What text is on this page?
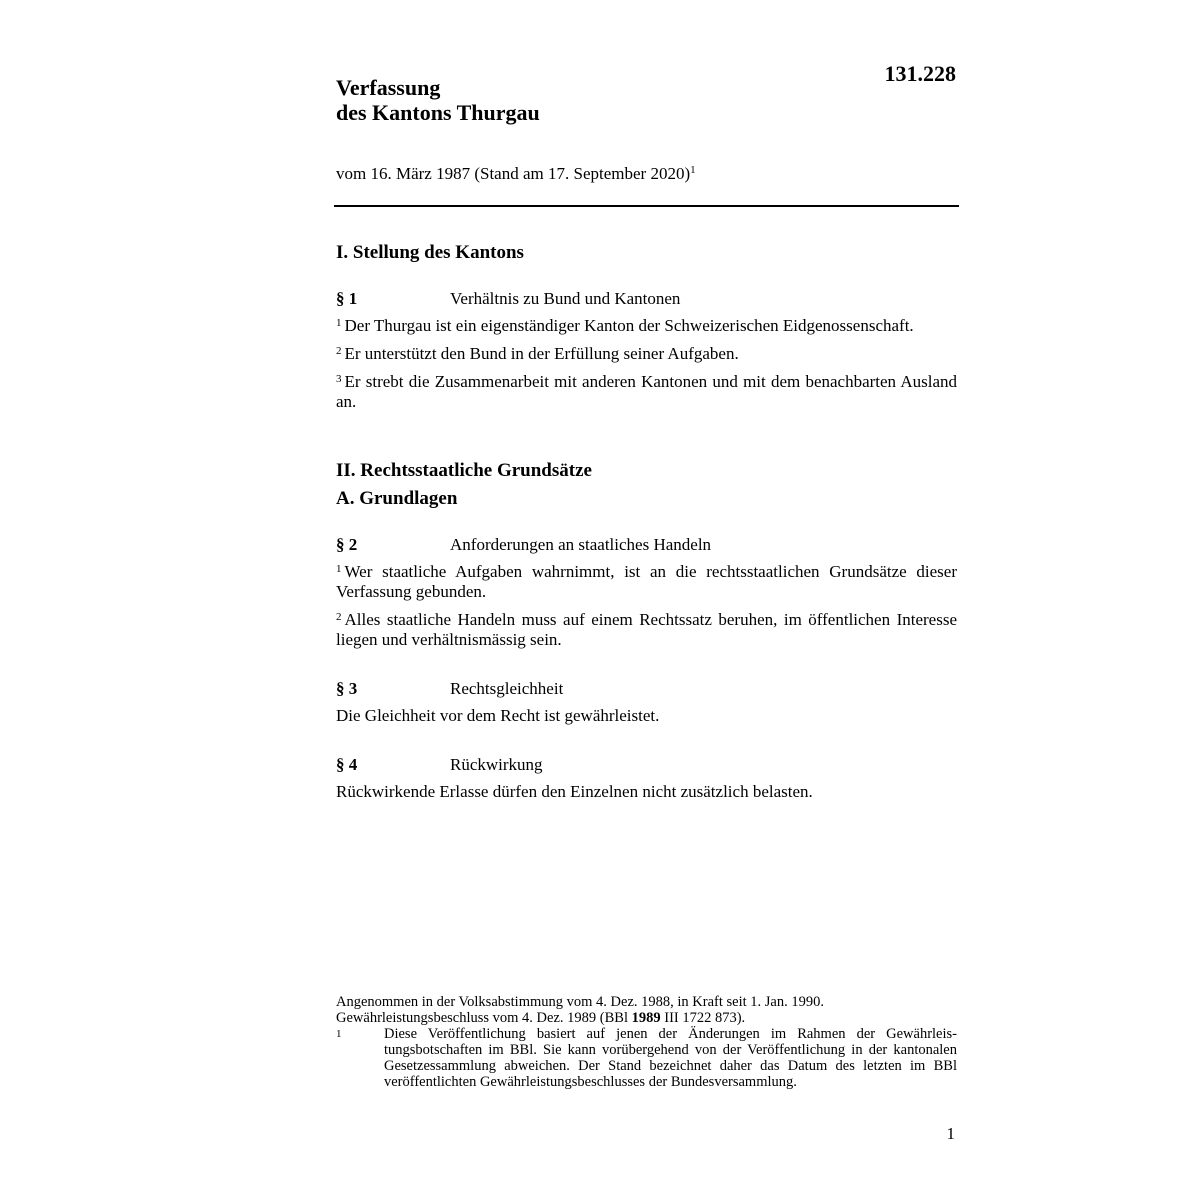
131.228
Verfassung
des Kantons Thurgau
vom 16. März 1987 (Stand am 17. September 2020)$^1$
I. Stellung des Kantons
§ 1	Verhältnis zu Bund und Kantonen
$^1$ Der Thurgau ist ein eigenständiger Kanton der Schweizerischen Eidgenossenschaft.
$^2$ Er unterstützt den Bund in der Erfüllung seiner Aufgaben.
$^3$ Er strebt die Zusammenarbeit mit anderen Kantonen und mit dem benachbarten Ausland an.
II. Rechtsstaatliche Grundsätze
A. Grundlagen
§ 2	Anforderungen an staatliches Handeln
$^1$ Wer staatliche Aufgaben wahrnimmt, ist an die rechtsstaatlichen Grundsätze dieser Verfassung gebunden.
$^2$ Alles staatliche Handeln muss auf einem Rechtssatz beruhen, im öffentlichen Interesse liegen und verhältnismässig sein.
§ 3	Rechtsgleichheit
Die Gleichheit vor dem Recht ist gewährleistet.
§ 4	Rückwirkung
Rückwirkende Erlasse dürfen den Einzelnen nicht zusätzlich belasten.
Angenommen in der Volksabstimmung vom 4. Dez. 1988, in Kraft seit 1. Jan. 1990.
Gewährleistungsbeschluss vom 4. Dez. 1989 (BBl 1989 III 1722 873).
1	Diese Veröffentlichung basiert auf jenen der Änderungen im Rahmen der Gewährleistungsbotschaften im BBl. Sie kann vorübergehend von der Veröffentlichung in der kantonalen Gesetzessammlung abweichen. Der Stand bezeichnet daher das Datum des letzten im BBl veröffentlichten Gewährleistungsbeschlusses der Bundesversammlung.
1
